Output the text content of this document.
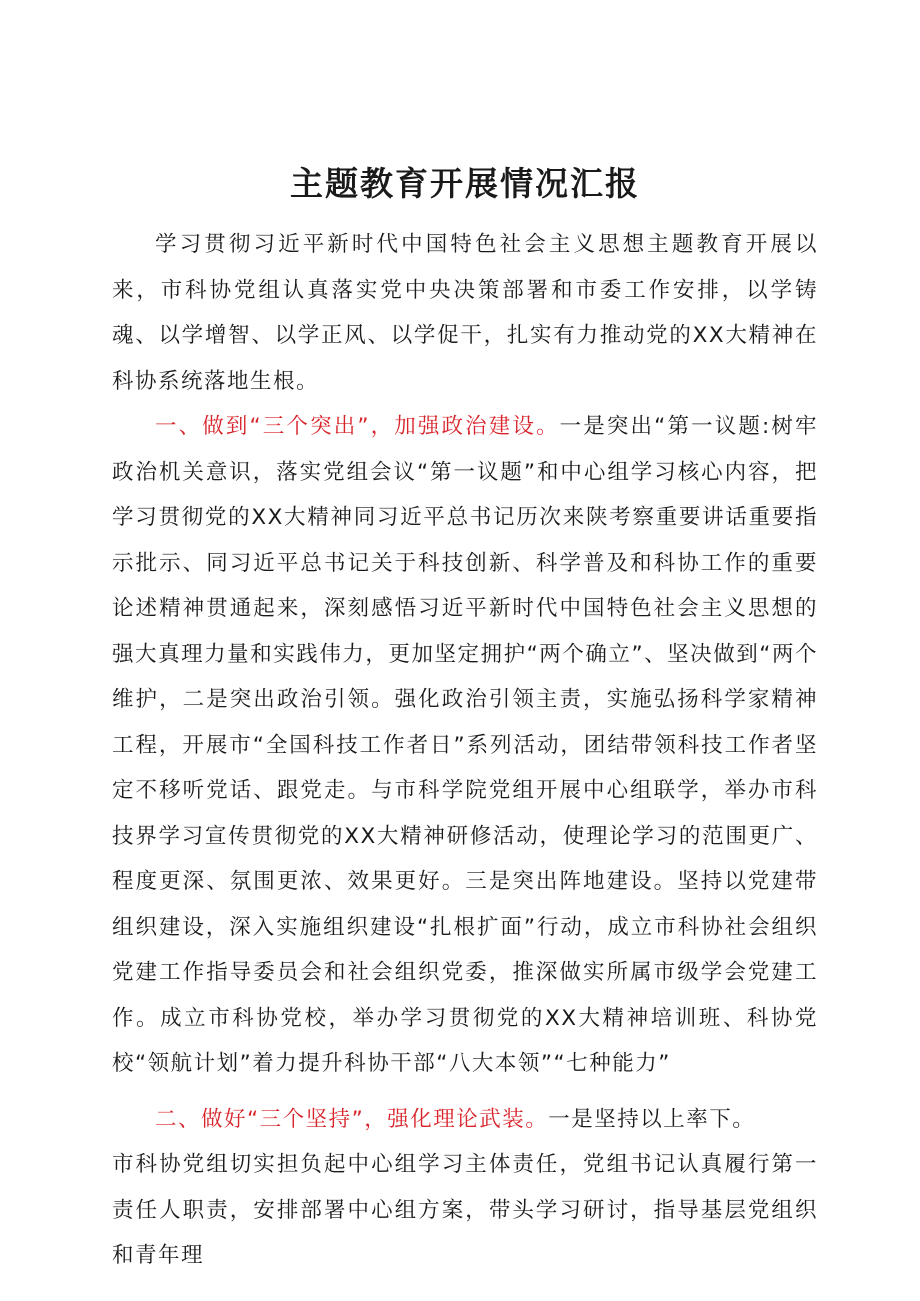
主题教育开展情况汇报

学习贯彻习近平新时代中国特色社会主义思想主题教育开展以来，市科协党组认真落实党中央决策部署和市委工作安排，以学铸魂、以学增智、以学正风、以学促干，扎实有力推动党的XX大精神在科协系统落地生根。

一、做到“三个突出”，加强政治建设。一是突出“第一议题:树牢政治机关意识，落实党组会议“第一议题”和中心组学习核心内容，把学习贯彻党的XX大精神同习近平总书记历次来陕考察重要讲话重要指示批示、同习近平总书记关于科技创新、科学普及和科协工作的重要论述精神贯通起来，深刻感悟习近平新时代中国特色社会主义思想的强大真理力量和实践伟力，更加坚定拥护“两个确立”、坚决做到“两个维护，二是突出政治引领。强化政治引领主责，实施弘扬科学家精神工程，开展市“全国科技工作者日”系列活动，团结带领科技工作者坚定不移听党话、跟党走。与市科学院党组开展中心组联学，举办市科技界学习宣传贯彻党的XX大精神研修活动，使理论学习的范围更广、程度更深、氛围更浓、效果更好。三是突出阵地建设。坚持以党建带组织建设，深入实施组织建设“扎根扩面”行动，成立市科协社会组织党建工作指导委员会和社会组织党委，推深做实所属市级学会党建工作。成立市科协党校，举办学习贯彻党的XX大精神培训班、科协党校“领航计划”着力提升科协干部“八大本领”“七种能力”

二、做好“三个坚持”，强化理论武装。一是坚持以上率下。

市科协党组切实担负起中心组学习主体责任，党组书记认真履行第一责任人职责，安排部署中心组方案，带头学习研讨，指导基层党组织和青年理
